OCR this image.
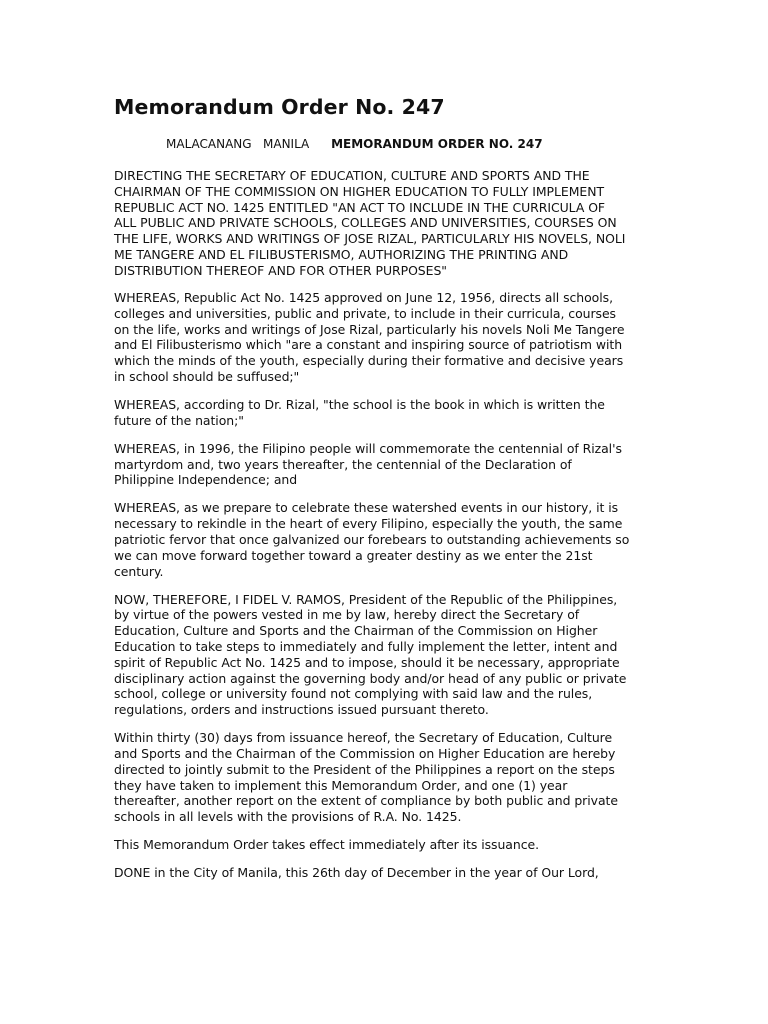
Memorandum Order No. 247
MALACANANG   MANILA MEMORANDUM ORDER NO. 247

DIRECTING THE SECRETARY OF EDUCATION, CULTURE AND SPORTS AND THE CHAIRMAN OF THE COMMISSION ON HIGHER EDUCATION TO FULLY IMPLEMENT REPUBLIC ACT NO. 1425 ENTITLED "AN ACT TO INCLUDE IN THE CURRICULA OF ALL PUBLIC AND PRIVATE SCHOOLS, COLLEGES AND UNIVERSITIES, COURSES ON THE LIFE, WORKS AND WRITINGS OF JOSE RIZAL, PARTICULARLY HIS NOVELS, NOLI ME TANGERE AND EL FILIBUSTERISMO, AUTHORIZING THE PRINTING AND DISTRIBUTION THEREOF AND FOR OTHER PURPOSES"

WHEREAS, Republic Act No. 1425 approved on June 12, 1956, directs all schools, colleges and universities, public and private, to include in their curricula, courses on the life, works and writings of Jose Rizal, particularly his novels Noli Me Tangere and El Filibusterismo which "are a constant and inspiring source of patriotism with which the minds of the youth, especially during their formative and decisive years in school should be suffused;"

WHEREAS, according to Dr. Rizal, "the school is the book in which is written the future of the nation;"

WHEREAS, in 1996, the Filipino people will commemorate the centennial of Rizal's martyrdom and, two years thereafter, the centennial of the Declaration of Philippine Independence; and

WHEREAS, as we prepare to celebrate these watershed events in our history, it is necessary to rekindle in the heart of every Filipino, especially the youth, the same patriotic fervor that once galvanized our forebears to outstanding achievements so we can move forward together toward a greater destiny as we enter the 21st century.

NOW, THEREFORE, I FIDEL V. RAMOS, President of the Republic of the Philippines, by virtue of the powers vested in me by law, hereby direct the Secretary of Education, Culture and Sports and the Chairman of the Commission on Higher Education to take steps to immediately and fully implement the letter, intent and spirit of Republic Act No. 1425 and to impose, should it be necessary, appropriate disciplinary action against the governing body and/or head of any public or private school, college or university found not complying with said law and the rules, regulations, orders and instructions issued pursuant thereto.

Within thirty (30) days from issuance hereof, the Secretary of Education, Culture and Sports and the Chairman of the Commission on Higher Education are hereby directed to jointly submit to the President of the Philippines a report on the steps they have taken to implement this Memorandum Order, and one (1) year thereafter, another report on the extent of compliance by both public and private schools in all levels with the provisions of R.A. No. 1425.

This Memorandum Order takes effect immediately after its issuance.

DONE in the City of Manila, this 26th day of December in the year of Our Lord,
